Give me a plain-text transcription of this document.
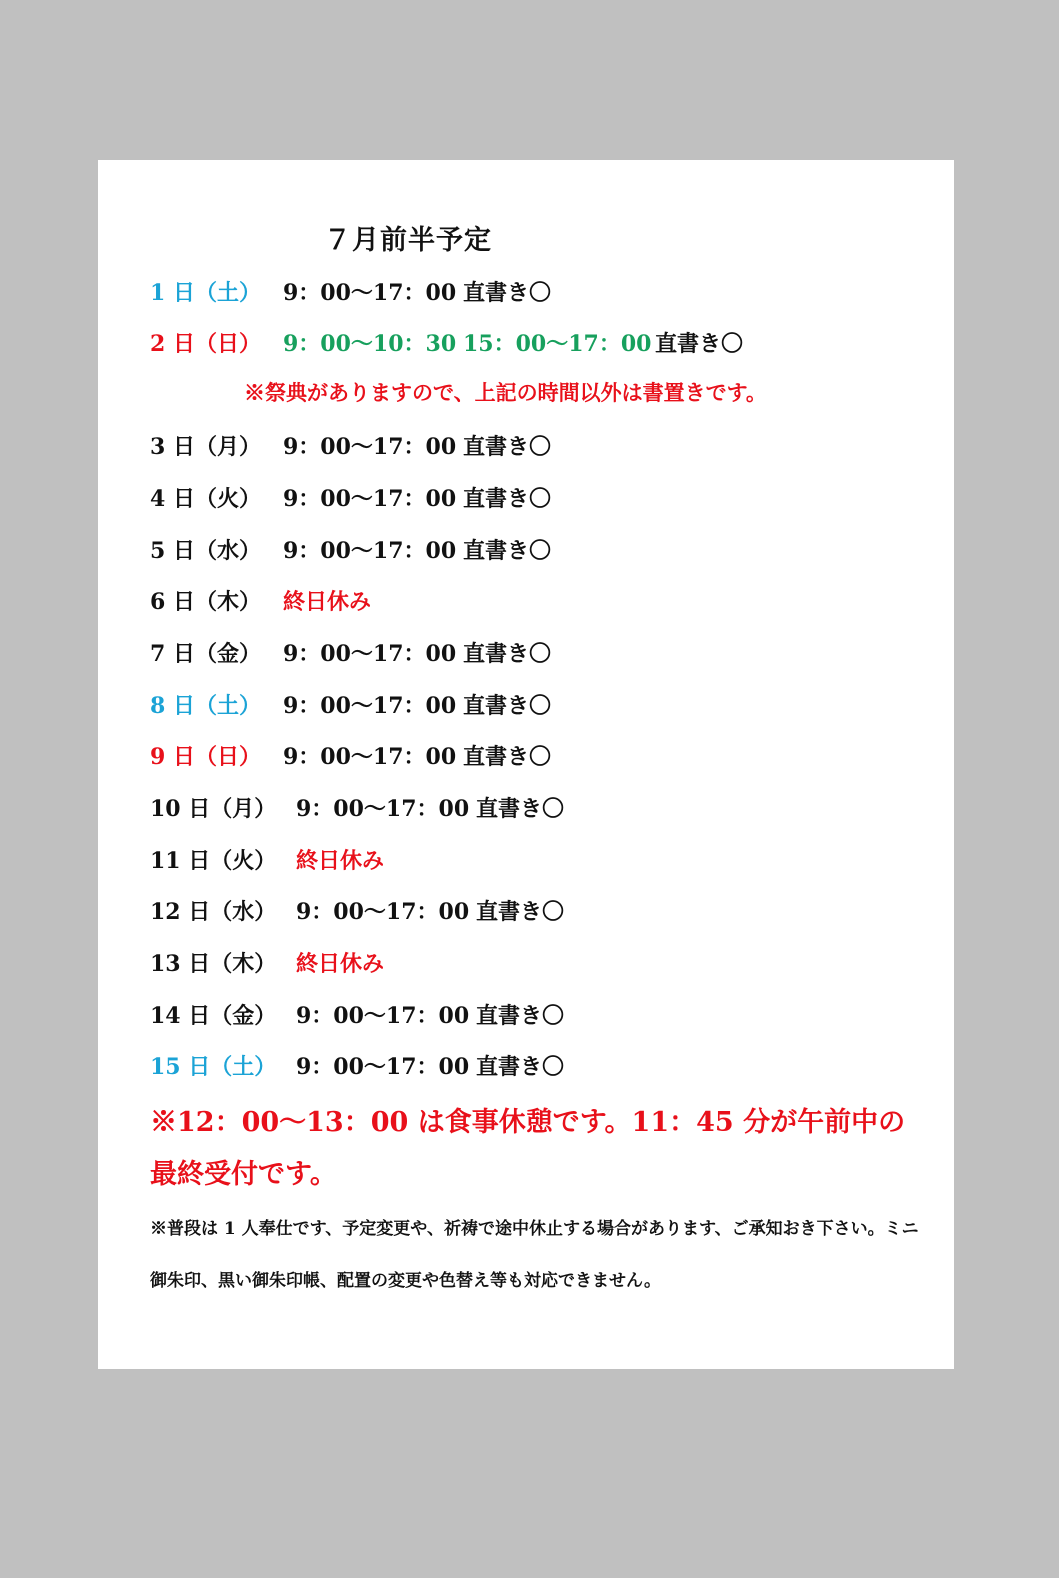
７月前半予定
1 日（土） 9：00〜17：00 直書き〇
2 日（日） 9：00〜10：30 15：00〜17：00 直書き〇
※祭典がありますので、上記の時間以外は書置きです。
3 日（月） 9：00〜17：00 直書き〇
4 日（火） 9：00〜17：00 直書き〇
5 日（水） 9：00〜17：00 直書き〇
6 日（木） 終日休み
7 日（金） 9：00〜17：00 直書き〇
8 日（土） 9：00〜17：00 直書き〇
9 日（日） 9：00〜17：00 直書き〇
10 日（月） 9：00〜17：00 直書き〇
11 日（火） 終日休み
12 日（水） 9：00〜17：00 直書き〇
13 日（木） 終日休み
14 日（金） 9：00〜17：00 直書き〇
15 日（土） 9：00〜17：00 直書き〇
※12：00〜13：00 は食事休憩です。11：45 分が午前中の最終受付です。
※普段は 1 人奉仕です、予定変更や、祈祷で途中休止する場合があります、ご承知おき下さい。ミニ御朱印、黒い御朱印帳、配置の変更や色替え等も対応できません。
